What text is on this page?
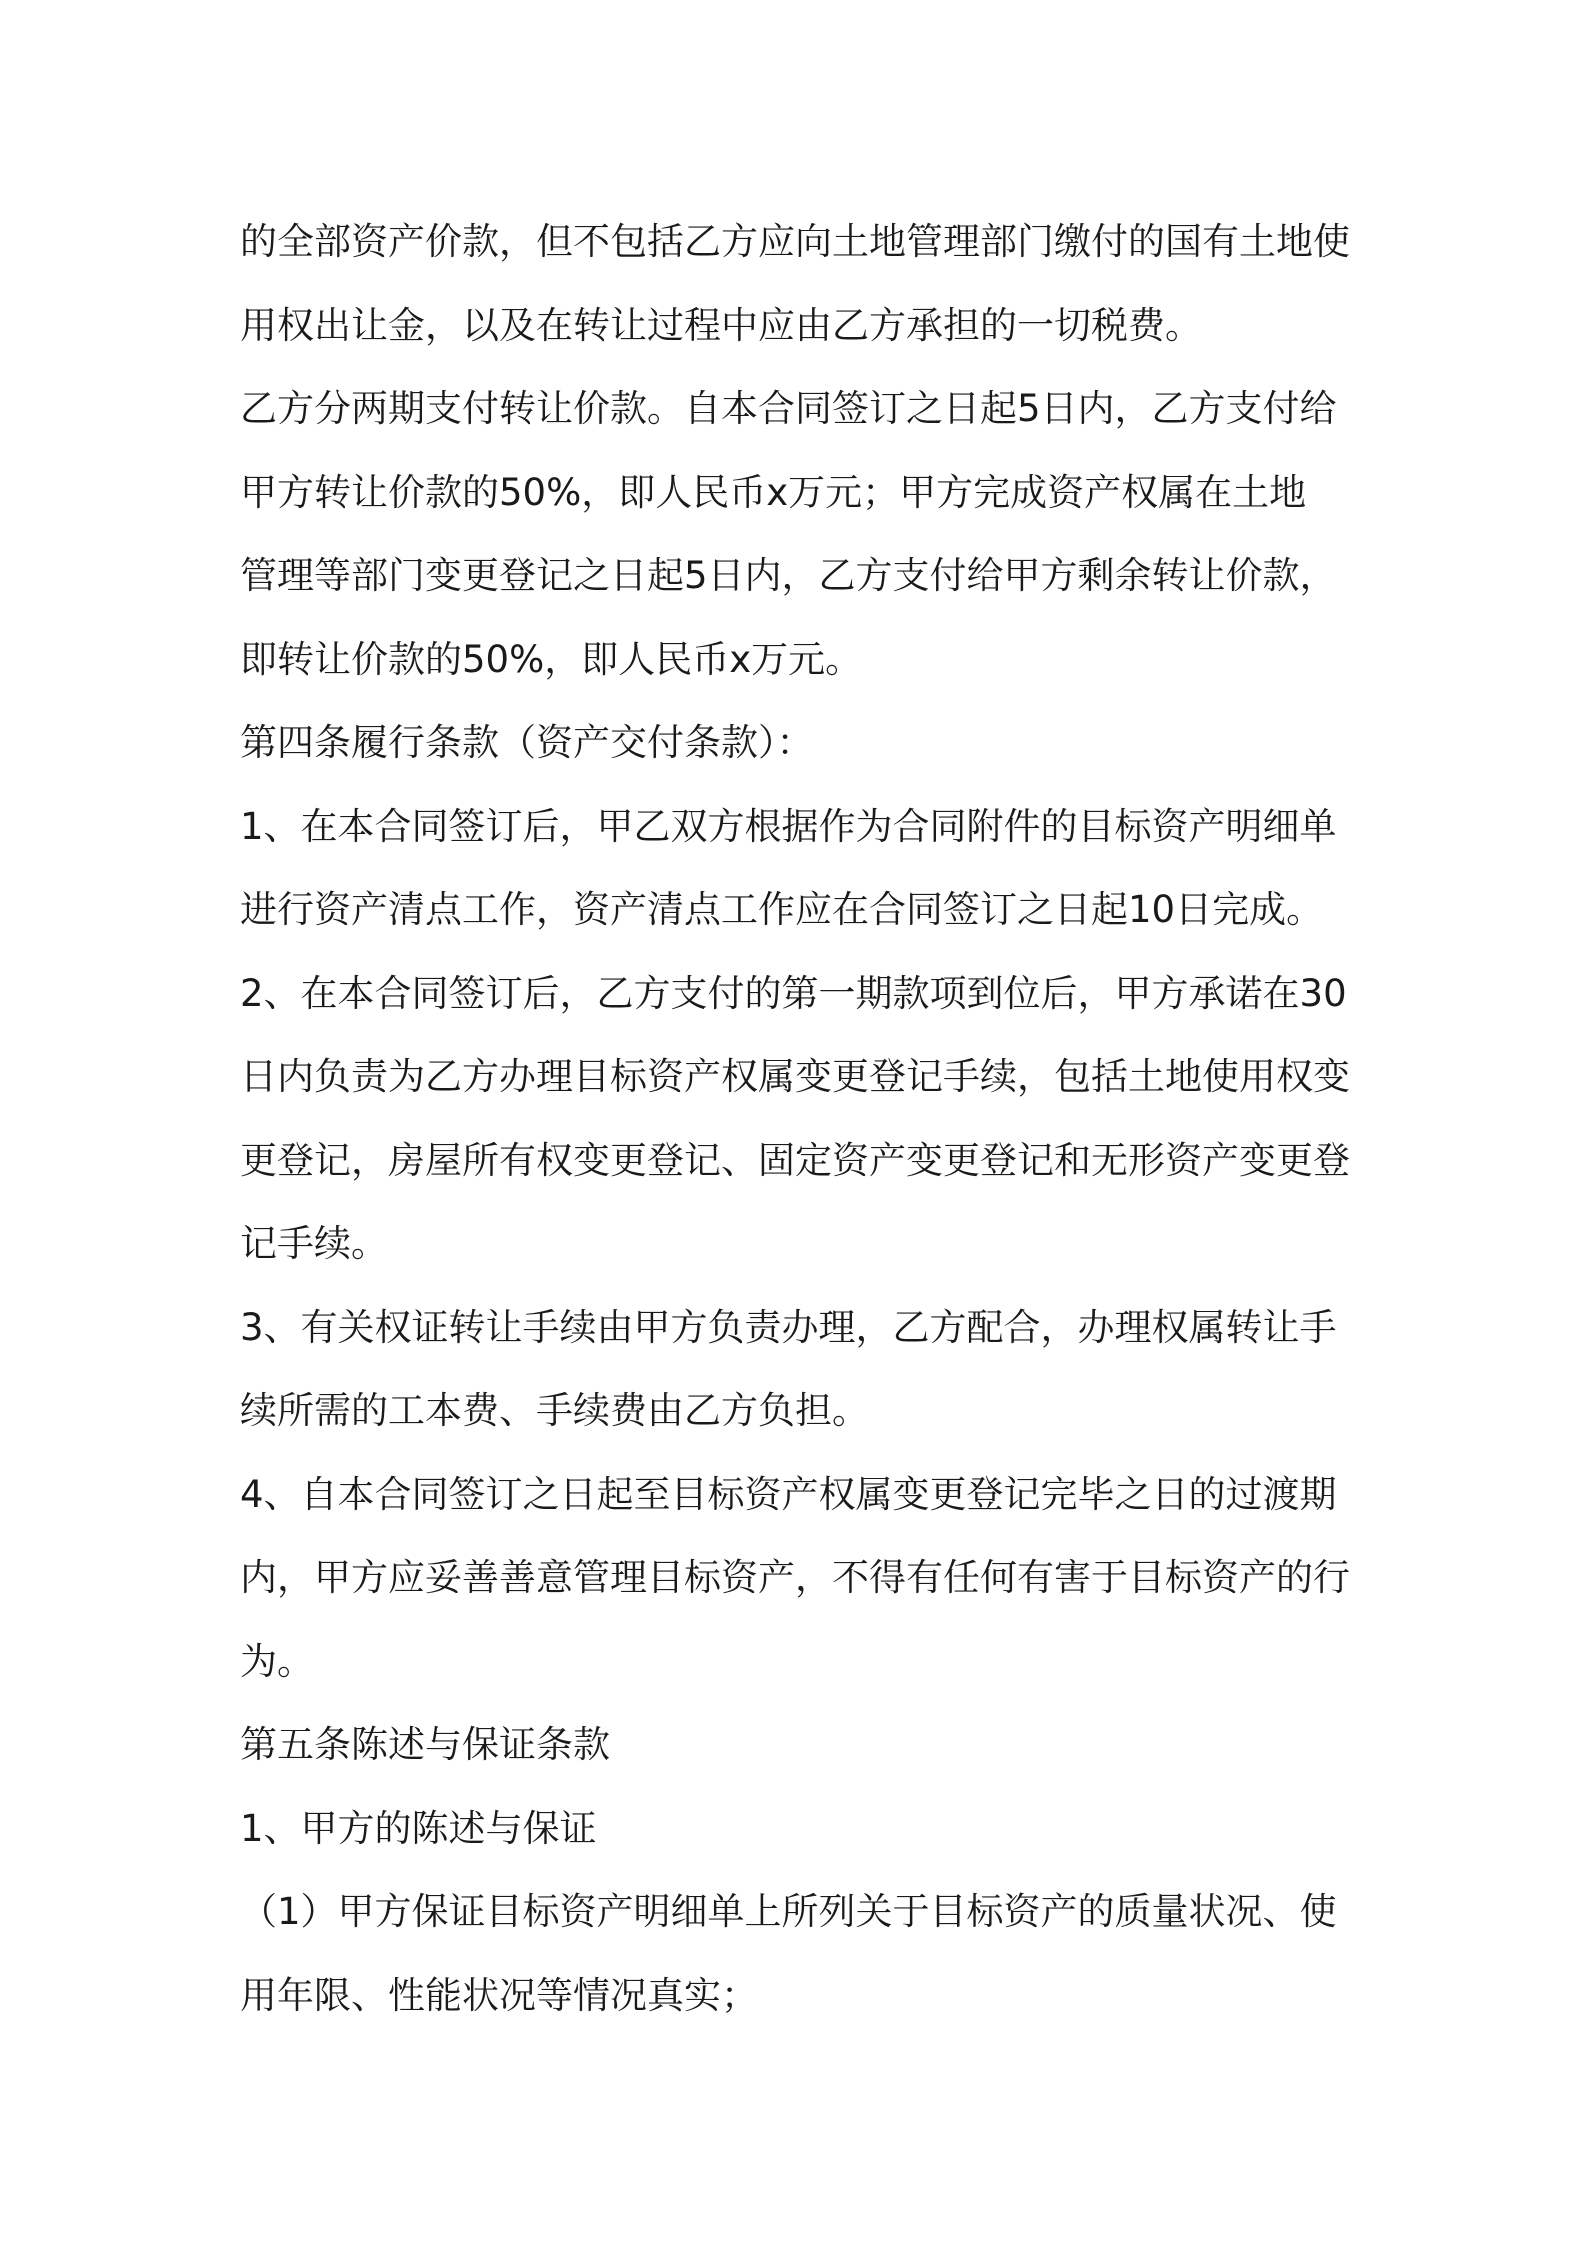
的全部资产价款，但不包括乙方应向土地管理部门缴付的国有土地使
用权出让金，以及在转让过程中应由乙方承担的一切税费。
乙方分两期支付转让价款。自本合同签订之日起5日内，乙方支付给
甲方转让价款的50%，即人民币x万元；甲方完成资产权属在土地
管理等部门变更登记之日起5日内，乙方支付给甲方剩余转让价款，
即转让价款的50%，即人民币x万元。
第四条履行条款（资产交付条款）：
1、在本合同签订后，甲乙双方根据作为合同附件的目标资产明细单
进行资产清点工作，资产清点工作应在合同签订之日起10日完成。
2、在本合同签订后，乙方支付的第一期款项到位后，甲方承诺在30
日内负责为乙方办理目标资产权属变更登记手续，包括土地使用权变
更登记，房屋所有权变更登记、固定资产变更登记和无形资产变更登
记手续。
3、有关权证转让手续由甲方负责办理，乙方配合，办理权属转让手
续所需的工本费、手续费由乙方负担。
4、自本合同签订之日起至目标资产权属变更登记完毕之日的过渡期
内，甲方应妥善善意管理目标资产，不得有任何有害于目标资产的行
为。
第五条陈述与保证条款
1、甲方的陈述与保证
（1）甲方保证目标资产明细单上所列关于目标资产的质量状况、使
用年限、性能状况等情况真实；
